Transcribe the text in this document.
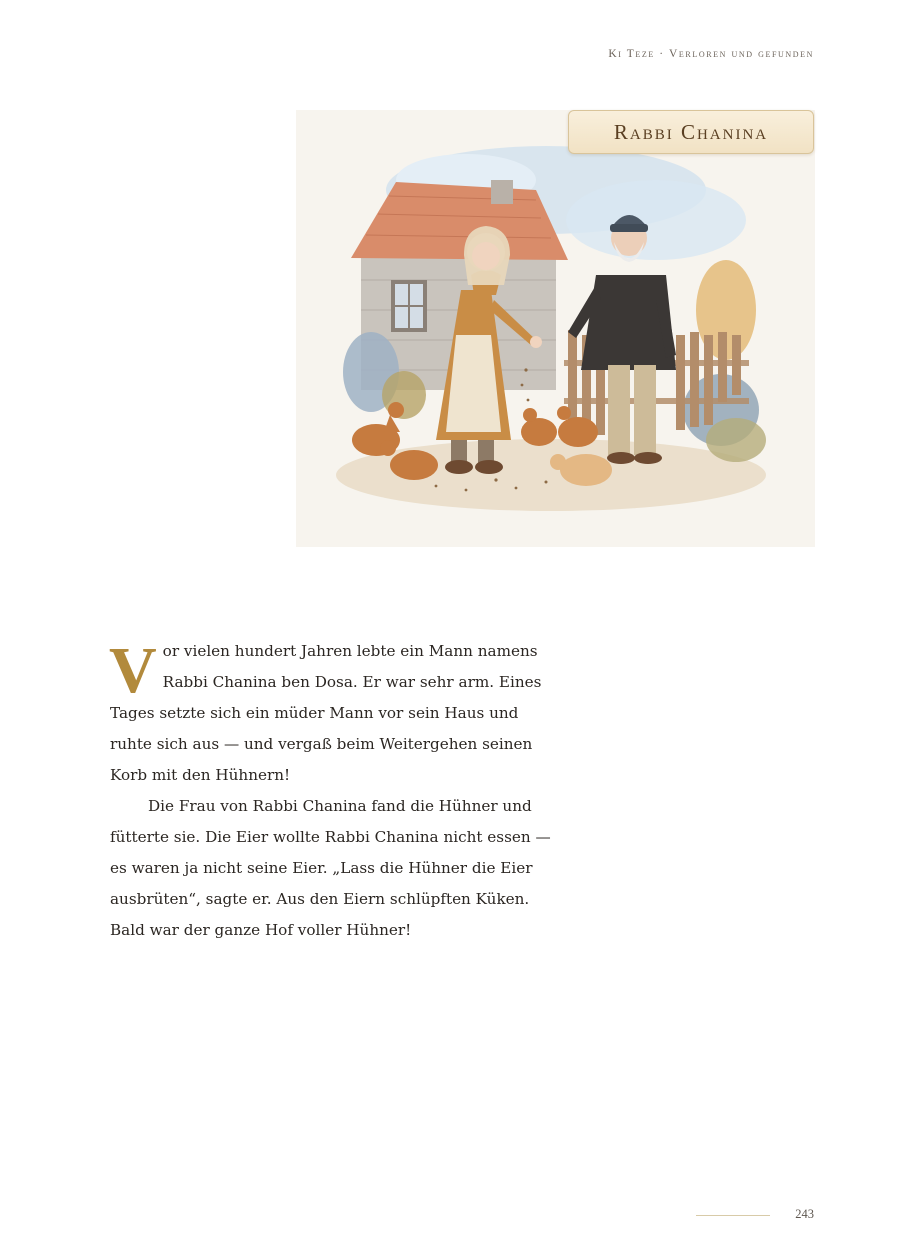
Ki Teze · Verloren und gefunden
Rabbi Chanina

Vor vielen hundert Jahren lebte ein Mann namens Rabbi Chanina ben Dosa. Er war sehr arm. Eines Tages setzte sich ein müder Mann vor sein Haus und ruhte sich aus — und vergaß beim Weitergehen seinen Korb mit den Hühnern!

Die Frau von Rabbi Chanina fand die Hühner und fütterte sie. Die Eier wollte Rabbi Chanina nicht essen — es waren ja nicht seine Eier. „Lass die Hühner die Eier ausbrüten“, sagte er. Aus den Eiern schlüpften Küken. Bald war der ganze Hof voller Hühner!

243
